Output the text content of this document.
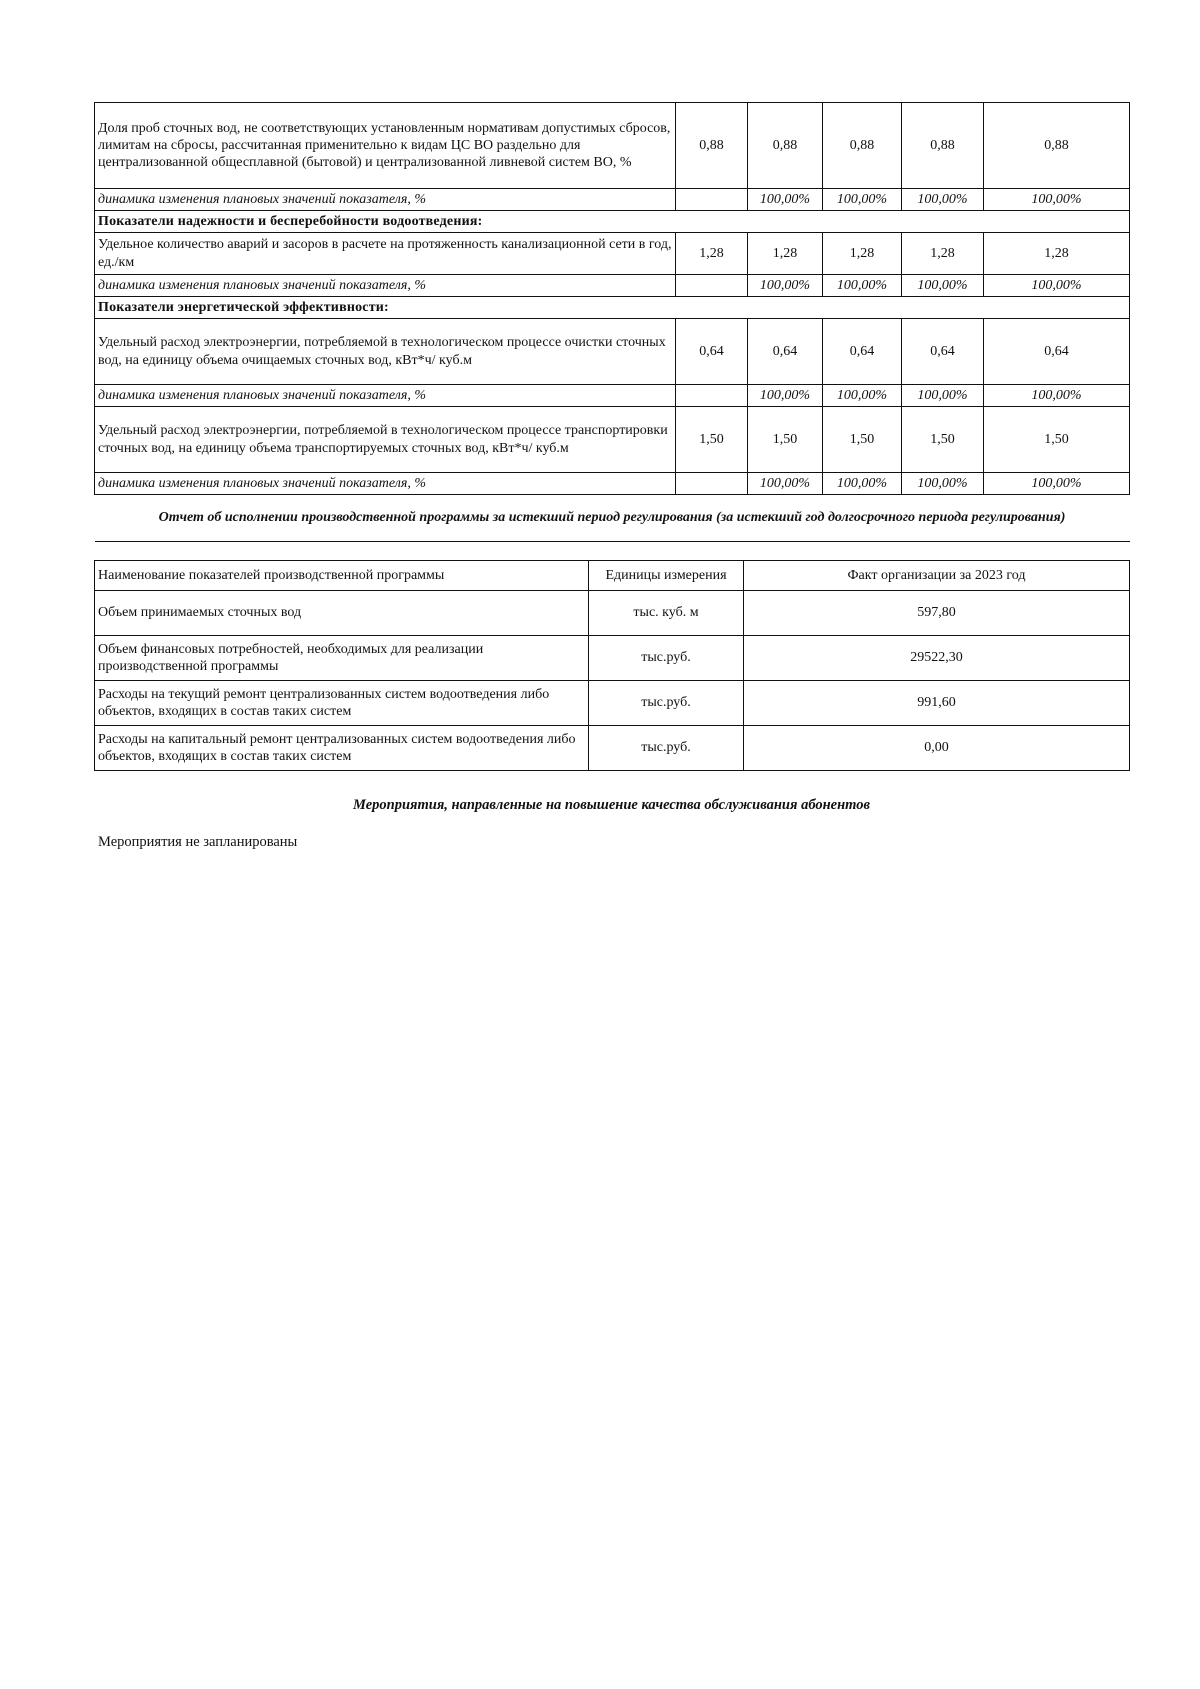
Доля проб сточных вод, не соответствующих установленным нормативам допустимых сбросов, лимитам на сбросы, рассчитанная применительно к видам ЦС ВО раздельно для централизованной общесплавной (бытовой) и централизованной ливневой систем ВО, %	0,88	0,88	0,88	0,88	0,88
динамика изменения плановых значений показателя, %		100,00%	100,00%	100,00%	100,00%
Показатели надежности и бесперебойности водоотведения:					
Удельное количество аварий и засоров в расчете на протяженность канализационной сети в год, ед./км	1,28	1,28	1,28	1,28	1,28
динамика изменения плановых значений показателя, %		100,00%	100,00%	100,00%	100,00%
Показатели энергетической эффективности:					
Удельный расход электроэнергии, потребляемой в технологическом процессе очистки сточных вод, на единицу объема очищаемых сточных вод, кВт*ч/ куб.м	0,64	0,64	0,64	0,64	0,64
динамика изменения плановых значений показателя, %		100,00%	100,00%	100,00%	100,00%
Удельный расход электроэнергии, потребляемой в технологическом процессе транспортировки сточных вод, на единицу объема транспортируемых сточных вод, кВт*ч/ куб.м	1,50	1,50	1,50	1,50	1,50
динамика изменения плановых значений показателя, %		100,00%	100,00%	100,00%	100,00%
Отчет об исполнении производственной программы за истекший период регулирования (за истекший год долгосрочного периода регулирования)					
Наименование показателей производственной программы	Единицы измерения	Факт организации за 2023 год
Объем принимаемых сточных вод	тыс. куб. м	597,80
Объем финансовых потребностей, необходимых для реализации производственной программы	тыс.руб.	29522,30
Расходы на текущий ремонт централизованных систем водоотведения либо объектов, входящих в состав таких систем	тыс.руб.	991,60
Расходы на капитальный ремонт централизованных систем водоотведения либо объектов, входящих в состав таких систем	тыс.руб.	0,00
Мероприятия, направленные на повышение качества обслуживания абонентов
Мероприятия не запланированы
